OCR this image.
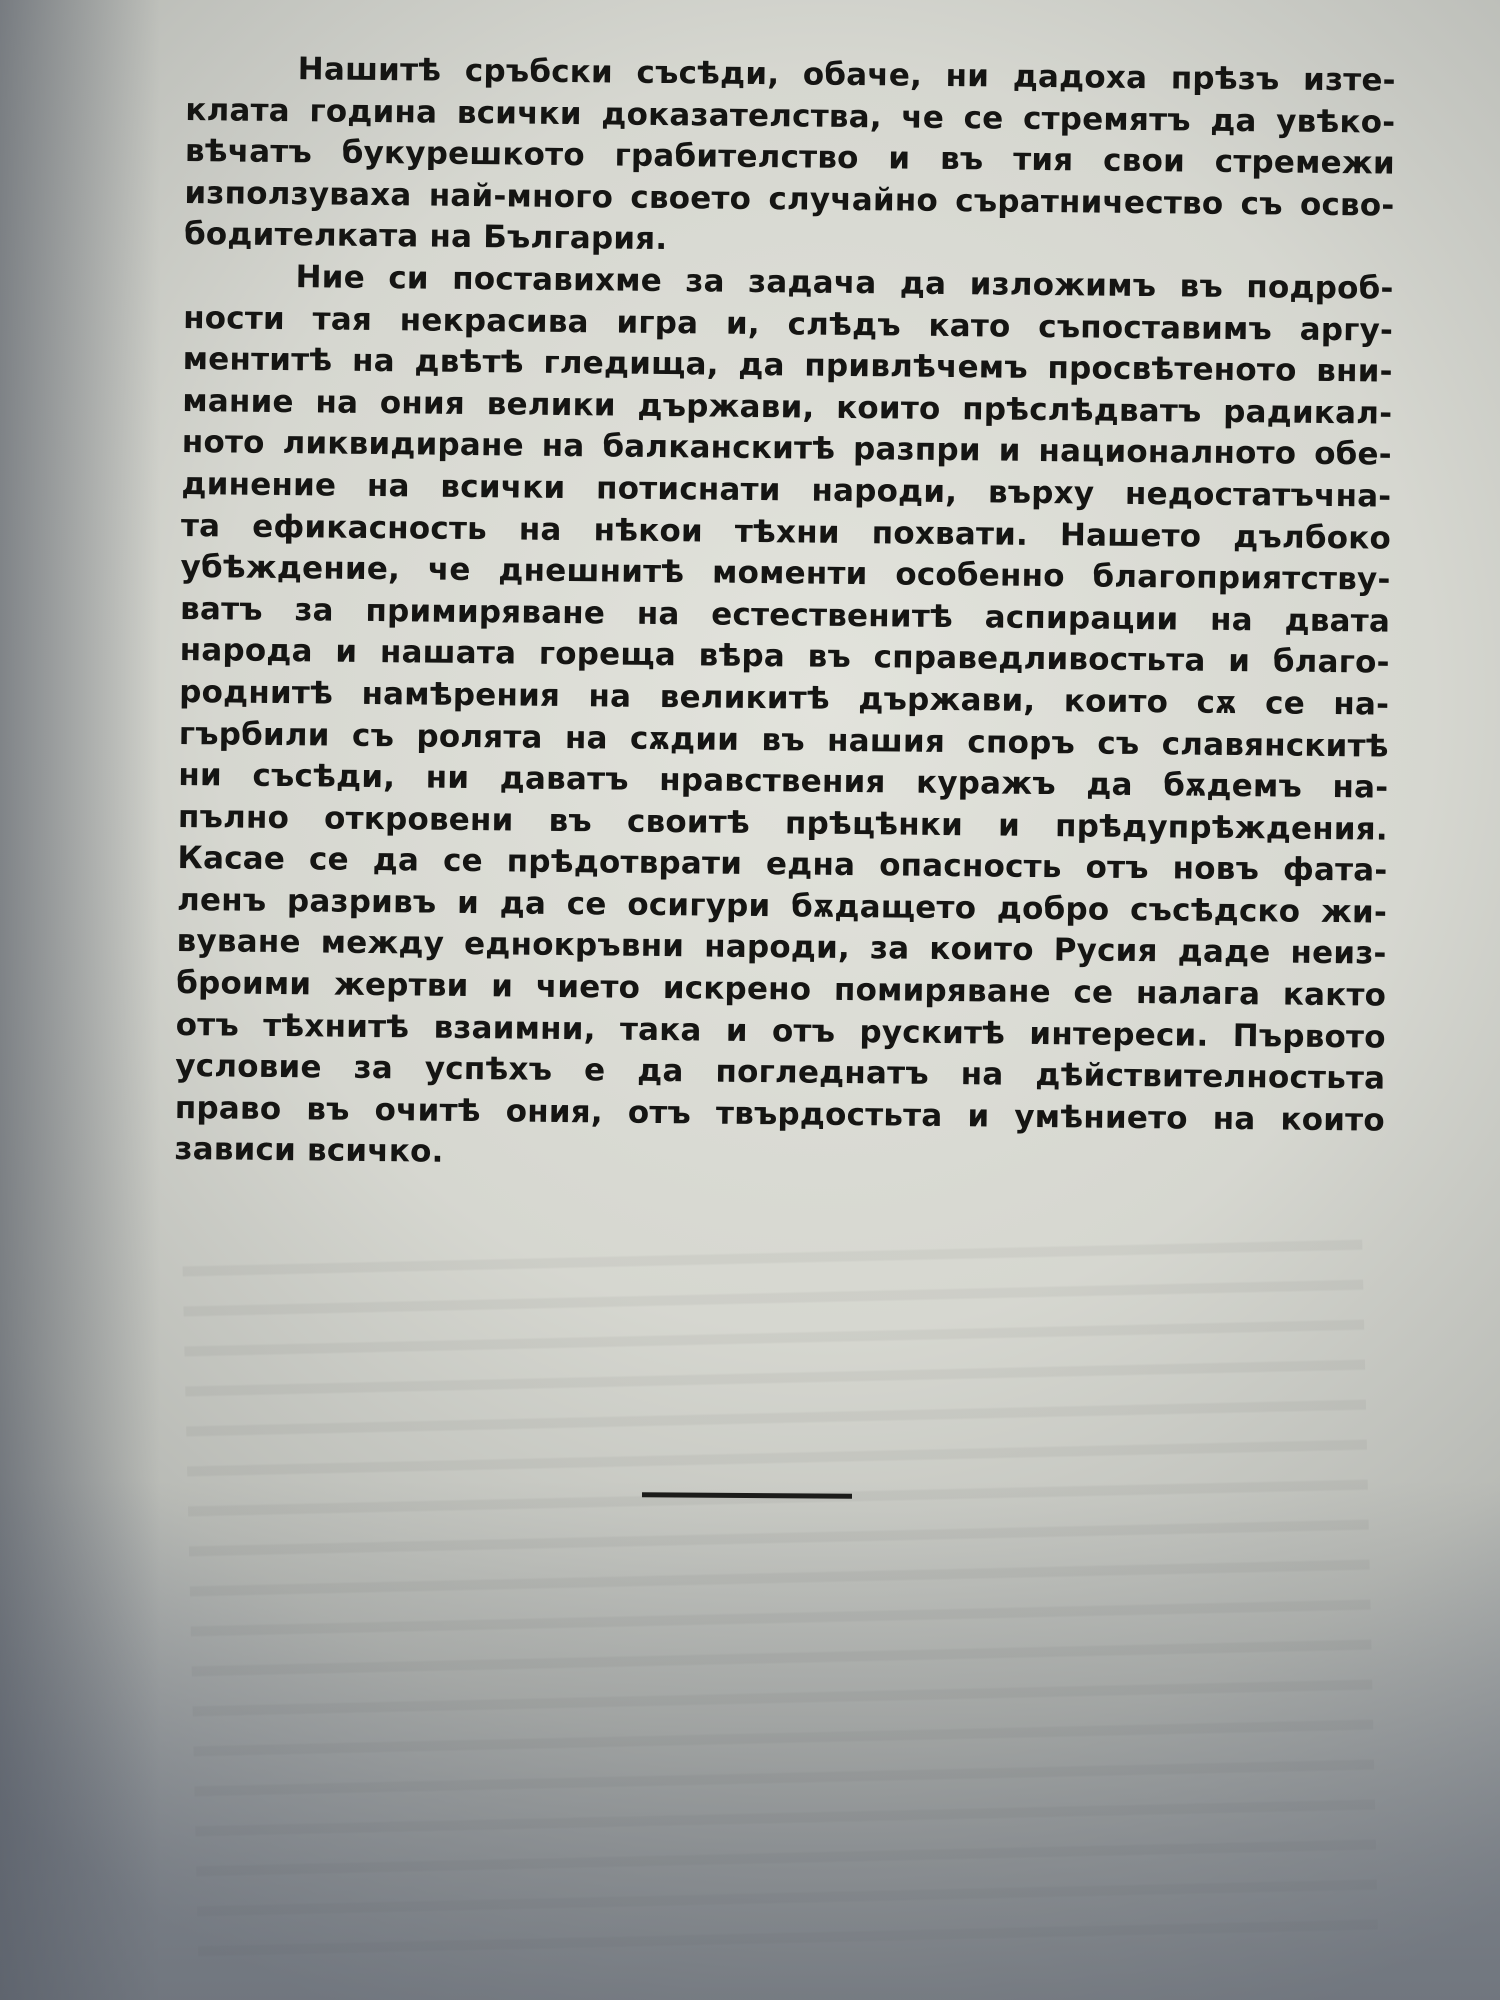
Нашитѣ сръбски съсѣди, обаче, ни дадоха прѣзъ изте-
клата година всички доказателства, че се стремятъ да увѣко-
вѣчатъ букурешкото грабителство и въ тия свои стремежи
използуваха най-много своето случайно съратничество съ осво-
бодителката на България.
Ние си поставихме за задача да изложимъ въ подроб-
ности тая некрасива игра и, слѣдъ като съпоставимъ аргу-
ментитѣ на двѣтѣ гледища, да привлѣчемъ просвѣтеното вни-
мание на ония велики държави, които прѣслѣдватъ радикал-
ното ликвидиране на балканскитѣ разпри и националното обе-
динение на всички потиснати народи, върху недостатъчна-
та ефикасность на нѣкои тѣхни похвати. Нашето дълбоко
убѣждение, че днешнитѣ моменти особенно благоприятству-
ватъ за примиряване на естественитѣ аспирации на двата
народа и нашата гореща вѣра въ справедливостьта и благо-
роднитѣ намѣрения на великитѣ държави, които сѫ се на-
гърбили съ ролята на сѫдии въ нашия споръ съ славянскитѣ
ни съсѣди, ни даватъ нравствения куражъ да бѫдемъ на-
пълно откровени въ своитѣ прѣцѣнки и прѣдупрѣждения.
Касае се да се прѣдотврати една опасность отъ новъ фата-
ленъ разривъ и да се осигури бѫдащето добро съсѣдско жи-
вуване между еднокръвни народи, за които Русия даде неиз-
броими жертви и чието искрено помиряване се налага както
отъ тѣхнитѣ взаимни, така и отъ рускитѣ интереси. Първото
условие за успѣхъ е да погледнатъ на дѣйствителностьта
право въ очитѣ ония, отъ твърдостьта и умѣнието на които
зависи всичко.
